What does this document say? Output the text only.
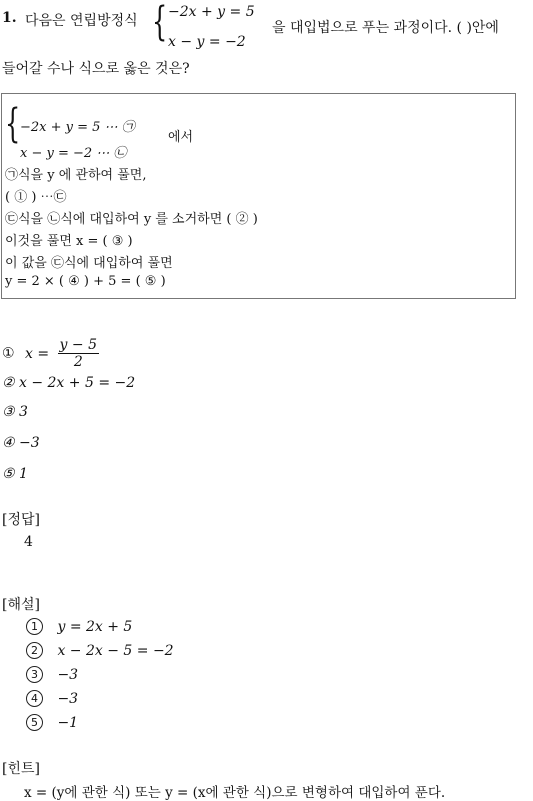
1. 다음은 연립방정식 { −2x + y = 5
x − y = −2
을 대입법으로 푸는 과정이다. ( )안에
들어갈 수나 식으로 옳은 것은?
{ −2x + y = 5 ⋯ ㉠
x − y = −2 ⋯ ㉡
에서
㉠식을 y 에 관하여 풀면,
( ① ) ⋯㉢
㉢식을 ㉡식에 대입하여 y 를 소거하면 ( ② )
이것을 풀면 x = ( ③ )
이 값을 ㉢식에 대입하여 풀면
y = 2 × ( ④ ) + 5 = ( ⑤ )
① $x = \frac{y - 5}{2}$
② x − 2x + 5 = −2
③ 3
④ −3
⑤ 1
[정답]
4
[해설]
1 y = 2x + 5
2 x − 2x − 5 = −2
3 −3
4 −3
5 −1
[힌트]
x = (y에 관한 식) 또는 y = (x에 관한 식)으로 변형하여 대입하여 푼다.
